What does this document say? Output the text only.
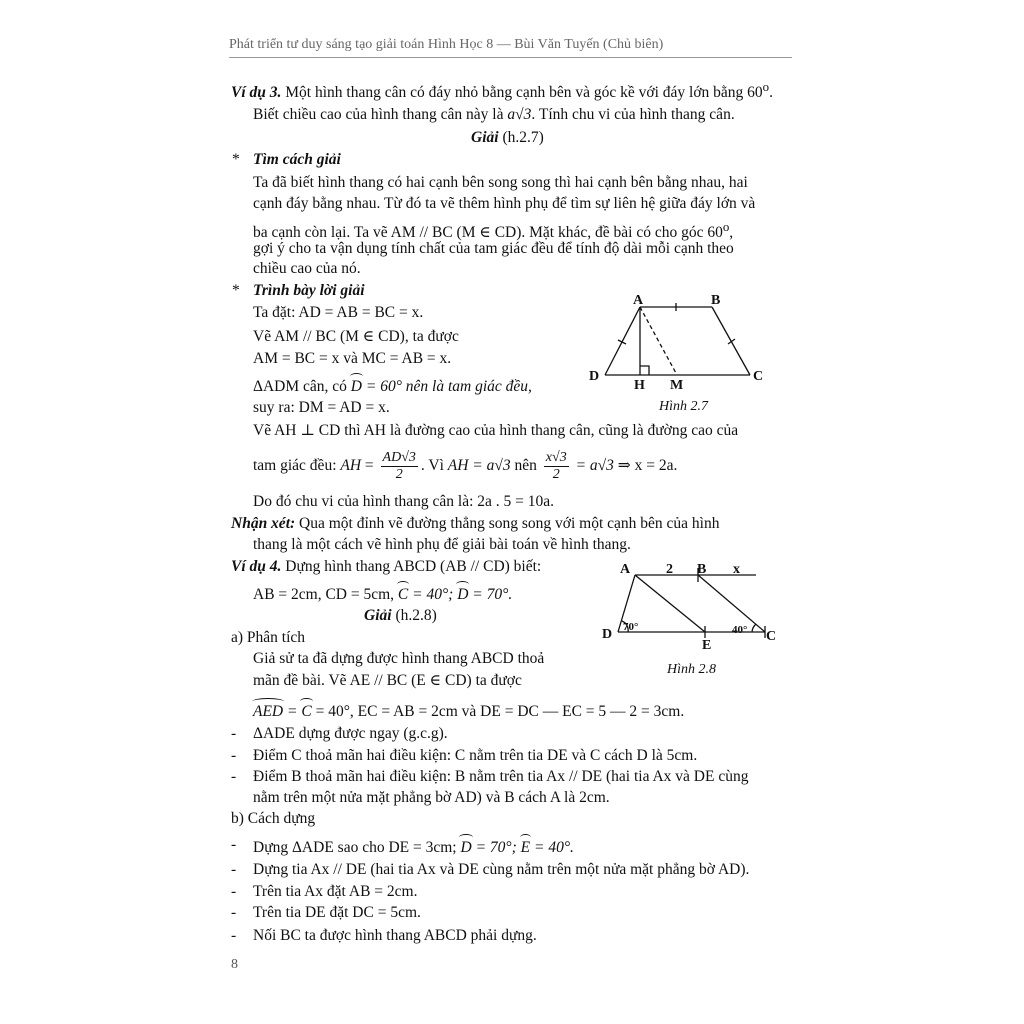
Phát triển tư duy sáng tạo giải toán Hình Học 8 — Bùi Văn Tuyến (Chủ biên)
Ví dụ 3. Một hình thang cân có đáy nhỏ bằng cạnh bên và góc kề với đáy lớn bằng 60$^o$.
Biết chiều cao của hình thang cân này là a√3. Tính chu vi của hình thang cân.
Giải (h.2.7)
* Tìm cách giải
Ta đã biết hình thang có hai cạnh bên song song thì hai cạnh bên bằng nhau, hai
cạnh đáy bằng nhau. Từ đó ta vẽ thêm hình phụ để tìm sự liên hệ giữa đáy lớn và
ba cạnh còn lại. Ta vẽ AM // BC (M ∈ CD). Mặt khác, đề bài có cho góc 60$^o$,
gợi ý cho ta vận dụng tính chất của tam giác đều để tính độ dài mỗi cạnh theo
chiều cao của nó.
* Trình bày lời giải
Ta đặt: AD = AB = BC = x.
Vẽ AM // BC (M ∈ CD), ta được
AM = BC = x và MC = AB = x.
ΔADM cân, có D = 60° nên là tam giác đều,
suy ra: DM = AD = x.
Vẽ AH ⊥ CD thì AH là đường cao của hình thang cân, cũng là đường cao của
tam giác đều: AH = $\frac{AD√3}{2}$ . Vì AH = a√3 nên $\frac{x√3}{2} = a√3$ ⇒ x = 2a.
Do đó chu vi của hình thang cân là: 2a . 5 = 10a.
Nhận xét: Qua một đỉnh vẽ đường thẳng song song với một cạnh bên của hình
thang là một cách vẽ hình phụ để giải bài toán về hình thang.
Ví dụ 4. Dựng hình thang ABCD (AB // CD) biết:
AB = 2cm, CD = 5cm, C = 40°; D = 70°.
Giải (h.2.8)
a) Phân tích
Giả sử ta đã dựng được hình thang ABCD thoả
mãn đề bài. Vẽ AE // BC (E ∈ CD) ta được
AED = C = 40°, EC = AB = 2cm và DE = DC — EC = 5 — 2 = 3cm.
- ΔADE dựng được ngay (g.c.g).
- Điểm C thoả mãn hai điều kiện: C nằm trên tia DE và C cách D là 5cm.
- Điểm B thoả mãn hai điều kiện: B nằm trên tia Ax // DE (hai tia Ax và DE cùng
nằm trên một nửa mặt phẳng bờ AD) và B cách A là 2cm.
b) Cách dựng
- Dựng ΔADE sao cho DE = 3cm; D = 70°; E = 40°.
- Dựng tia Ax // DE (hai tia Ax và DE cùng nằm trên một nửa mặt phẳng bờ AD).
- Trên tia Ax đặt AB = 2cm.
- Trên tia DE đặt DC = 5cm.
- Nối BC ta được hình thang ABCD phải dựng.
8
A	B
C
D
H M
Hình 2.7
A	B
2	x
D
E
C
70°	40°
Hình 2.8
